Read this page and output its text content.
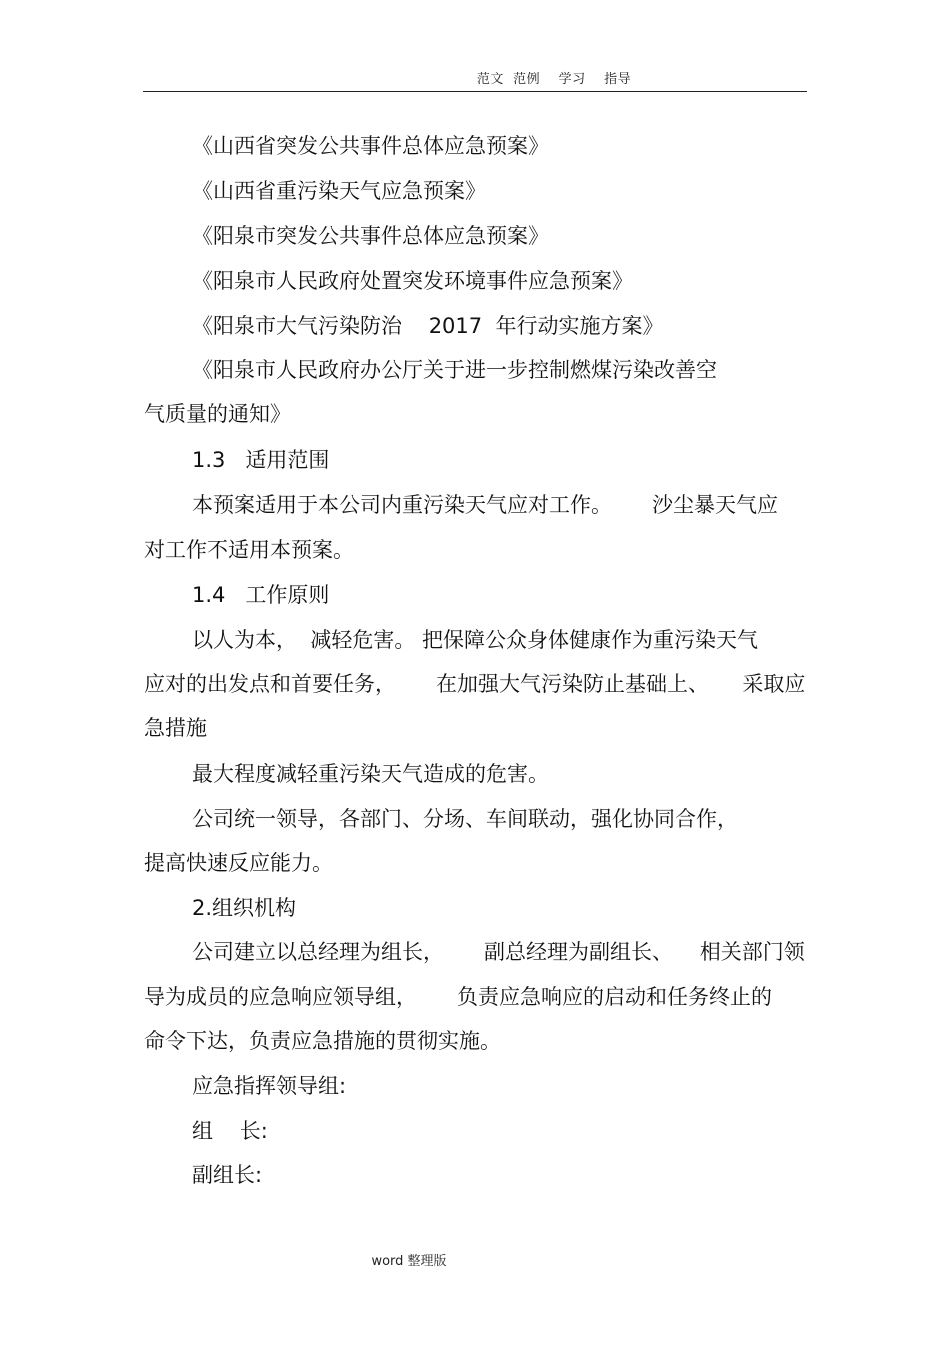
范文  范例    学习    指导
《山西省突发公共事件总体应急预案》
《山西省重污染天气应急预案》
《阳泉市突发公共事件总体应急预案》
《阳泉市人民政府处置突发环境事件应急预案》
《阳泉市大气污染防治    2017  年行动实施方案》
《阳泉市人民政府办公厅关于进一步控制燃煤污染改善空
气质量的通知》
1.3   适用范围
本预案适用于本公司内重污染天气应对工作。      沙尘暴天气应
对工作不适用本预案。
1.4   工作原则
以人为本，  减轻危害。 把保障公众身体健康作为重污染天气
应对的出发点和首要任务，      在加强大气污染防止基础上、     采取应
急措施
最大程度减轻重污染天气造成的危害。
公司统一领导，各部门、分场、车间联动，强化协同合作，
提高快速反应能力。
2.组织机构
公司建立以总经理为组长，      副总经理为副组长、    相关部门领
导为成员的应急响应领导组，      负责应急响应的启动和任务终止的
命令下达，负责应急措施的贯彻实施。
应急指挥领导组:
组    长:
副组长:
word 整理版
